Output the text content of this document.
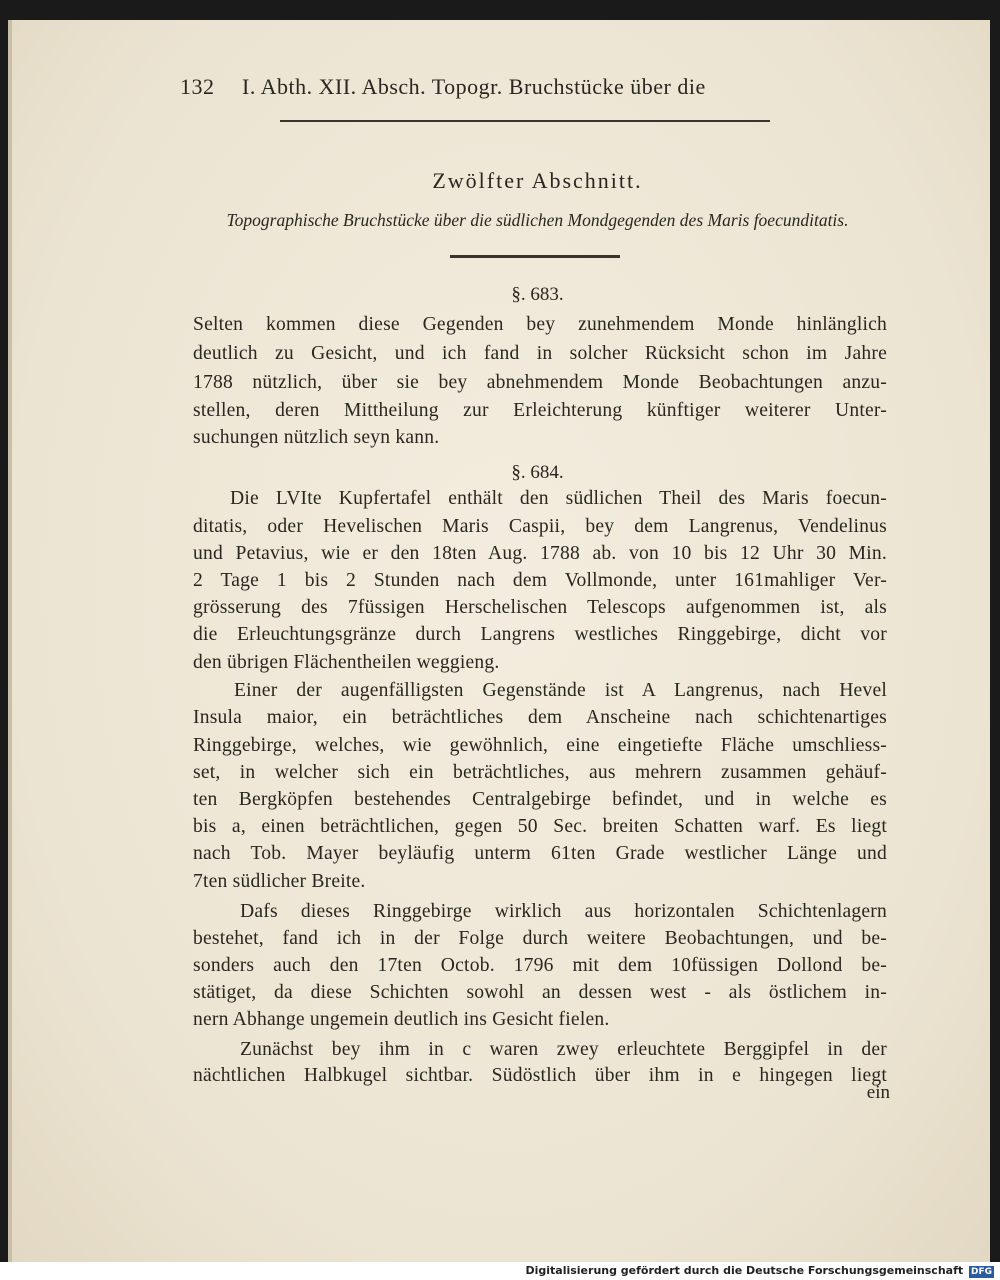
132 I. Abth. XII. Absch. Topogr. Bruchstücke über die
Zwölfter Abschnitt.
Topographische Bruchstücke über die südlichen Mondgegenden des Maris foecunditatis.
§. 683.
Selten kommen diese Gegenden bey zunehmendem Monde hinlänglich
deutlich zu Gesicht, und ich fand in solcher Rücksicht schon im Jahre
1788 nützlich, über sie bey abnehmendem Monde Beobachtungen anzu-
stellen, deren Mittheilung zur Erleichterung künftiger weiterer Unter-
suchungen nützlich seyn kann.
§. 684.
Die LVIte Kupfertafel enthält den südlichen Theil des Maris foecun-
ditatis, oder Hevelischen Maris Caspii, bey dem Langrenus, Vendelinus
und Petavius, wie er den 18ten Aug. 1788 ab. von 10 bis 12 Uhr 30 Min.
2 Tage 1 bis 2 Stunden nach dem Vollmonde, unter 161mahliger Ver-
grösserung des 7füssigen Herschelischen Telescops aufgenommen ist, als
die Erleuchtungsgränze durch Langrens westliches Ringgebirge, dicht vor
den übrigen Flächentheilen weggieng.
Einer der augenfälligsten Gegenstände ist A Langrenus, nach Hevel
Insula maior, ein beträchtliches dem Anscheine nach schichtenartiges
Ringgebirge, welches, wie gewöhnlich, eine eingetiefte Fläche umschliess-
set, in welcher sich ein beträchtliches, aus mehrern zusammen gehäuf-
ten Bergköpfen bestehendes Centralgebirge befindet, und in welche es
bis a, einen beträchtlichen, gegen 50 Sec. breiten Schatten warf. Es liegt
nach Tob. Mayer beyläufig unterm 61ten Grade westlicher Länge und
7ten südlicher Breite.
Dafs dieses Ringgebirge wirklich aus horizontalen Schichtenlagern
bestehet, fand ich in der Folge durch weitere Beobachtungen, und be-
sonders auch den 17ten Octob. 1796 mit dem 10füssigen Dollond be-
stätiget, da diese Schichten sowohl an dessen west - als östlichem in-
nern Abhange ungemein deutlich ins Gesicht fielen.
Zunächst bey ihm in c waren zwey erleuchtete Berggipfel in der
nächtlichen Halbkugel sichtbar. Südöstlich über ihm in e hingegen liegt
ein
Digitalisierung gefördert durch die Deutsche Forschungsgemeinschaft DFG
